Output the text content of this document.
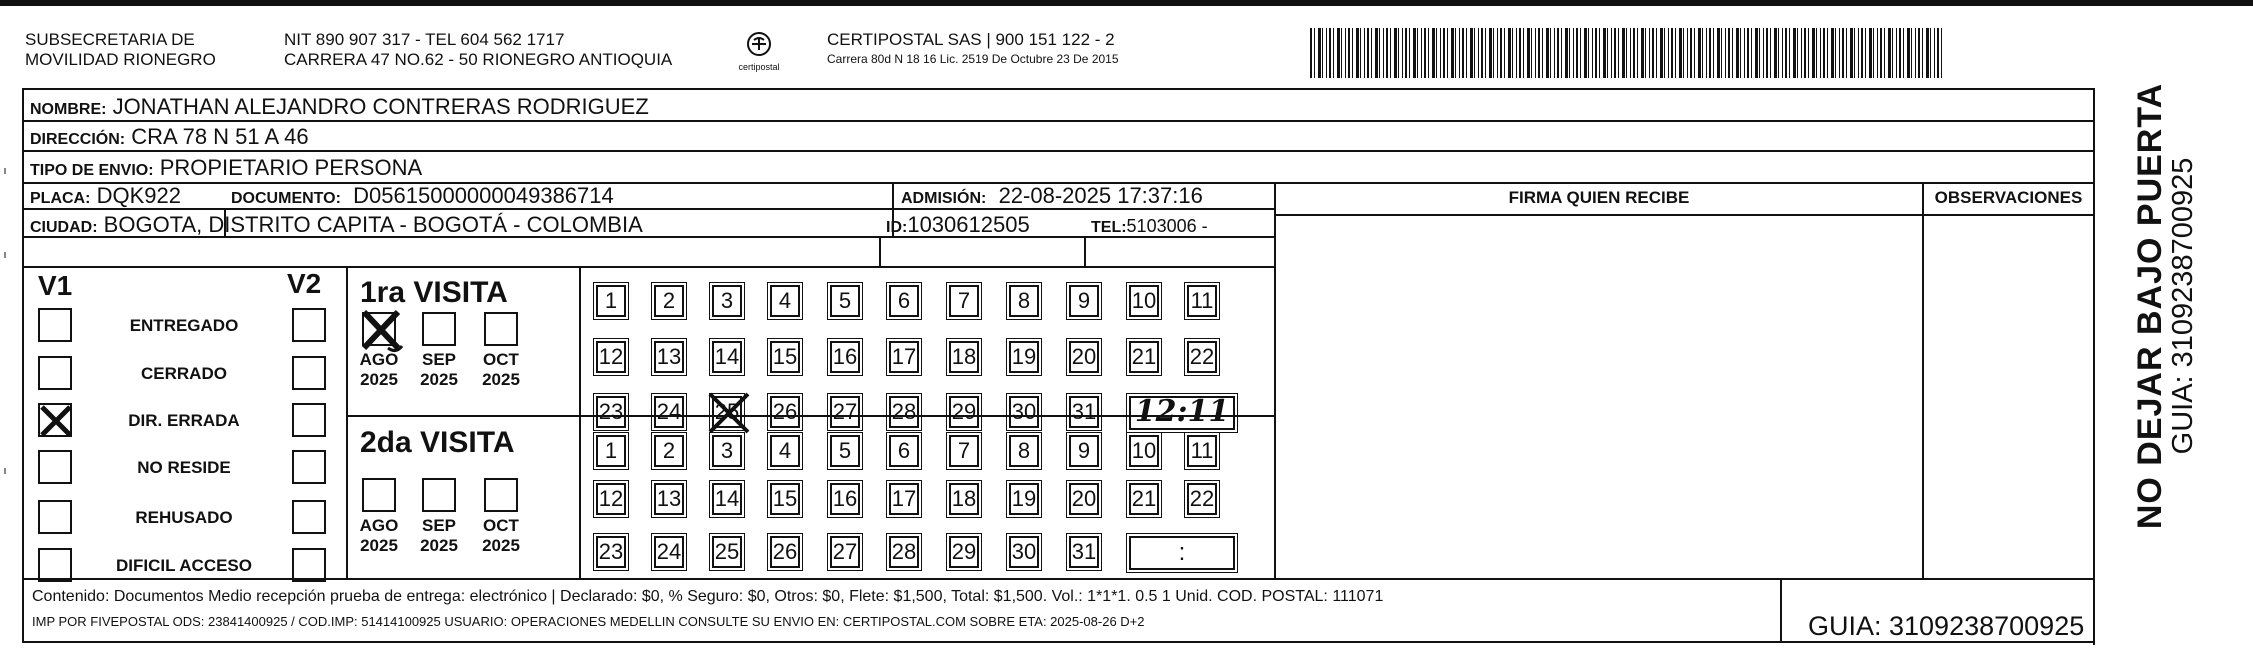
SUBSECRETARIA DE
MOVILIDAD RIONEGRO
NIT 890 907 317 - TEL 604 562 1717
CARRERA 47 NO.62 - 50 RIONEGRO ANTIOQUIA	certipostal
CERTIPOSTAL SAS | 900 151 122 - 2
Carrera 80d N 18 16 Lic. 2519 De Octubre 23 De 2015
NOMBRE: JONATHAN ALEJANDRO CONTRERAS RODRIGUEZ
DIRECCIÓN: CRA 78 N 51 A 46
TIPO DE ENVIO: PROPIETARIO PERSONA
PLACA: DQK922	DOCUMENTO: D05615000000049386714	ADMISIÓN: 22-08-2025 17:37:16
CIUDAD: BOGOTA, DISTRITO CAPITA - BOGOTÁ - COLOMBIA	ID:1030612505	TEL:5103006 -
FIRMA QUIEN RECIBE	OBSERVACIONES
V1	V2
ENTREGADO
CERRADO
DIR. ERRADA
NO RESIDE
REHUSADO
DIFICIL ACCESO
1ra VISITA
AGO
2025
SEP
2025
OCT
2025
1	2	3	4	5	6	7	8	9	10 11
12 13 14 15 16 17 18 19 20 21 22
23 24 25 26 27 28 29 30 31 12:11
2da VISITA
AGO
2025
SEP
2025
OCT
2025
1	2	3	4	5	6	7	8	9	10 11
12 13 14 15 16 17 18 19 20 21 22
23 24 25 26 27 28 29 30 31	:
Contenido: Documentos Medio recepción prueba de entrega: electrónico | Declarado: $0, % Seguro: $0, Otros: $0, Flete: $1,500, Total: $1,500. Vol.: 1*1*1. 0.5 1 Unid. COD. POSTAL: 111071
IMP POR FIVEPOSTAL ODS: 23841400925 / COD.IMP: 51414100925 USUARIO: OPERACIONES MEDELLIN CONSULTE SU ENVIO EN: CERTIPOSTAL.COM SOBRE ETA: 2025-08-26 D+2	GUIA: 3109238700925
NO DEJAR BAJO PUERTA
GUIA: 3109238700925
